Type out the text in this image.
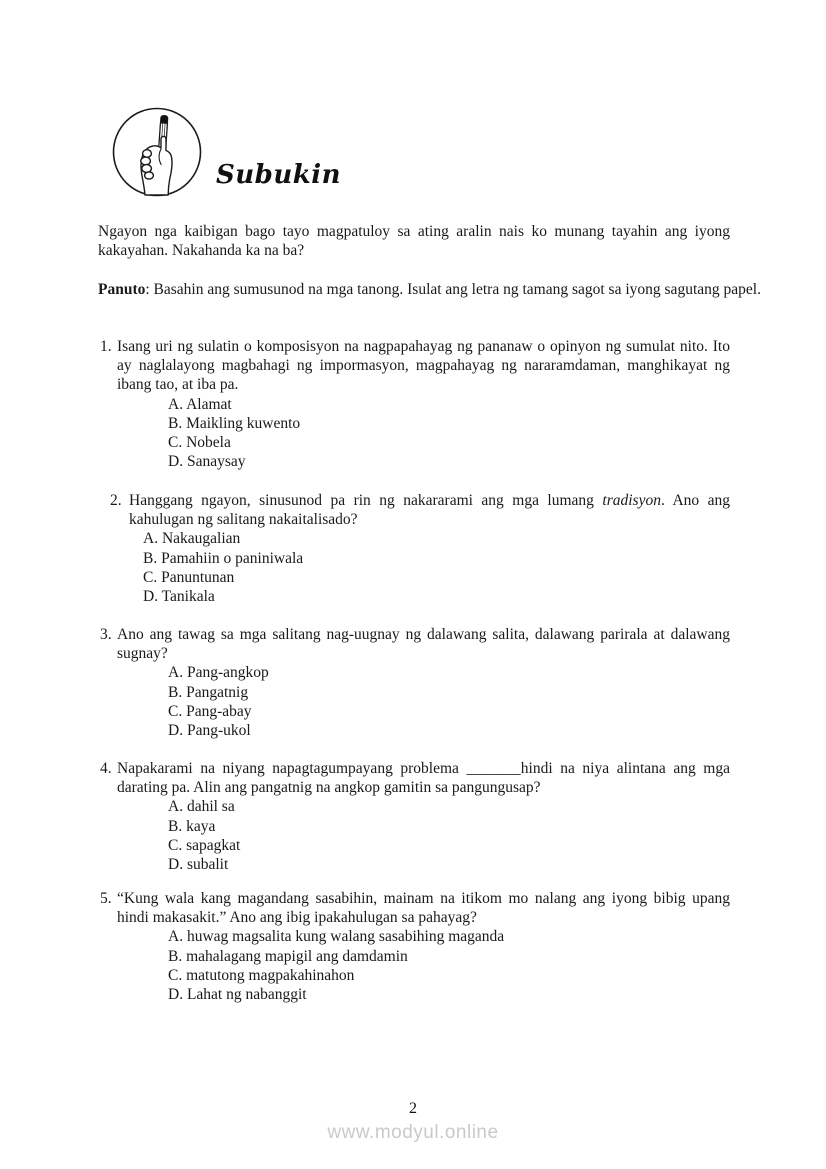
Subukin

Ngayon nga kaibigan bago tayo magpatuloy sa ating aralin nais ko munang tayahin ang iyong kakayahan. Nakahanda ka na ba?

Panuto: Basahin ang sumusunod na mga tanong. Isulat ang letra ng tamang sagot sa iyong sagutang papel.

1. Isang uri ng sulatin o komposisyon na nagpapahayag ng pananaw o opinyon ng sumulat nito. Ito ay naglalayong magbahagi ng impormasyon, magpahayag ng nararamdaman, manghikayat ng ibang tao, at iba pa.
A. Alamat
B. Maikling kuwento
C. Nobela
D. Sanaysay
2. Hanggang ngayon, sinusunod pa rin ng nakararami ang mga lumang tradisyon. Ano ang kahulugan ng salitang nakaitalisado?
A. Nakaugalian
B. Pamahiin o paniniwala
C. Panuntunan
D. Tanikala
3. Ano ang tawag sa mga salitang nag-uugnay ng dalawang salita, dalawang parirala at dalawang sugnay?
A. Pang-angkop
B. Pangatnig
C. Pang-abay
D. Pang-ukol
4. Napakarami na niyang napagtagumpayang problema _______hindi na niya alintana ang mga darating pa. Alin ang pangatnig na angkop gamitin sa pangungusap?
A. dahil sa
B. kaya
C. sapagkat
D. subalit
5. “Kung wala kang magandang sasabihin, mainam na itikom mo nalang ang iyong bibig upang hindi makasakit.” Ano ang ibig ipakahulugan sa pahayag?
A. huwag magsalita kung walang sasabihing maganda
B. mahalagang mapigil ang damdamin
C. matutong magpakahinahon
D. Lahat ng nabanggit
2
www.modyul.online
